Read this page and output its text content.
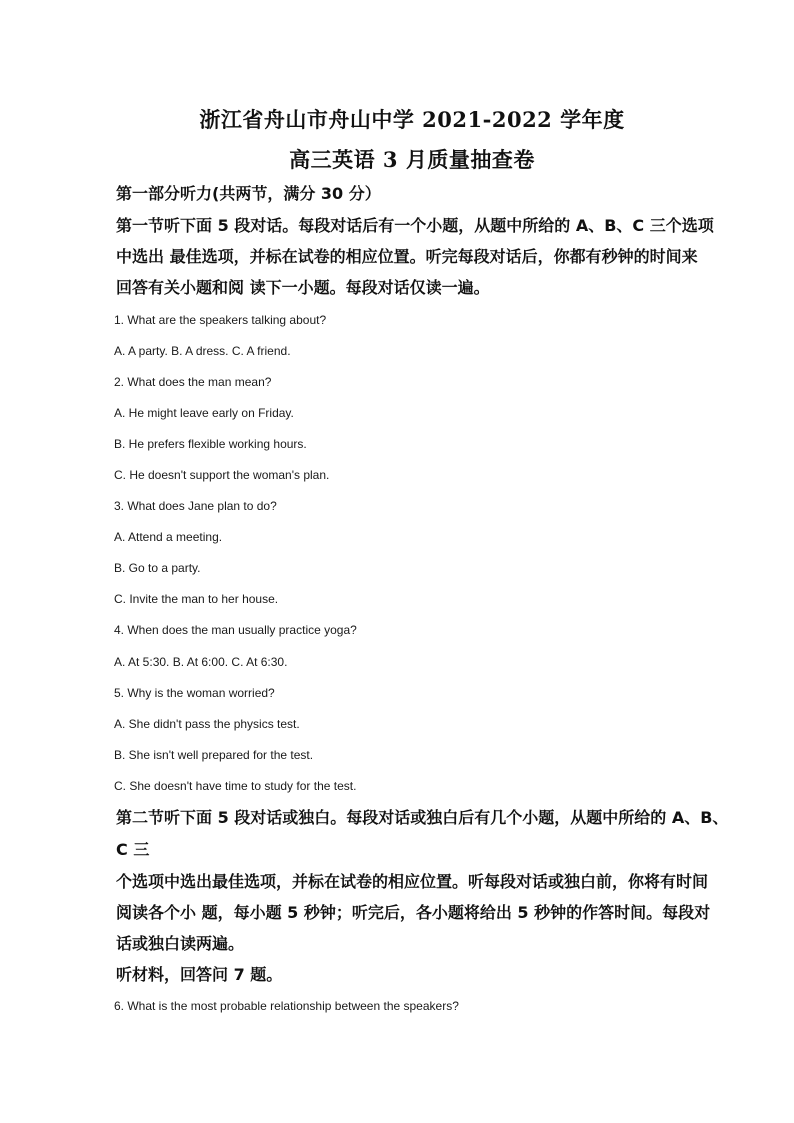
浙江省舟山市舟山中学 2021-2022 学年度
高三英语 3 月质量抽查卷
第一部分听力(共两节，满分 30 分）
第一节听下面 5 段对话。每段对话后有一个小题，从题中所给的 A、B、C 三个选项
中选出 最佳选项，并标在试卷的相应位置。听完每段对话后，你都有秒钟的时间来
回答有关小题和阅 读下一小题。每段对话仅读一遍。
1. What are the speakers talking about?
A. A party. B. A dress. C. A friend.
2. What does the man mean?
A. He might leave early on Friday.
B. He prefers flexible working hours.
C. He doesn't support the woman's plan.
3. What does Jane plan to do?
A. Attend a meeting.
B. Go to a party.
C. Invite the man to her house.
4. When does the man usually practice yoga?
A. At 5:30. B. At 6:00. C. At 6:30.
5. Why is the woman worried?
A. She didn't pass the physics test.
B. She isn't well prepared for the test.
C. She doesn't have time to study for the test.
第二节听下面 5 段对话或独白。每段对话或独白后有几个小题，从题中所给的 A、B、
C 三
个选项中选出最佳选项，并标在试卷的相应位置。听每段对话或独白前，你将有时间
阅读各个小 题，每小题 5 秒钟；听完后，各小题将给出 5 秒钟的作答时间。每段对
话或独白读两遍。
听材料，回答问 7 题。
6. What is the most probable relationship between the speakers?
